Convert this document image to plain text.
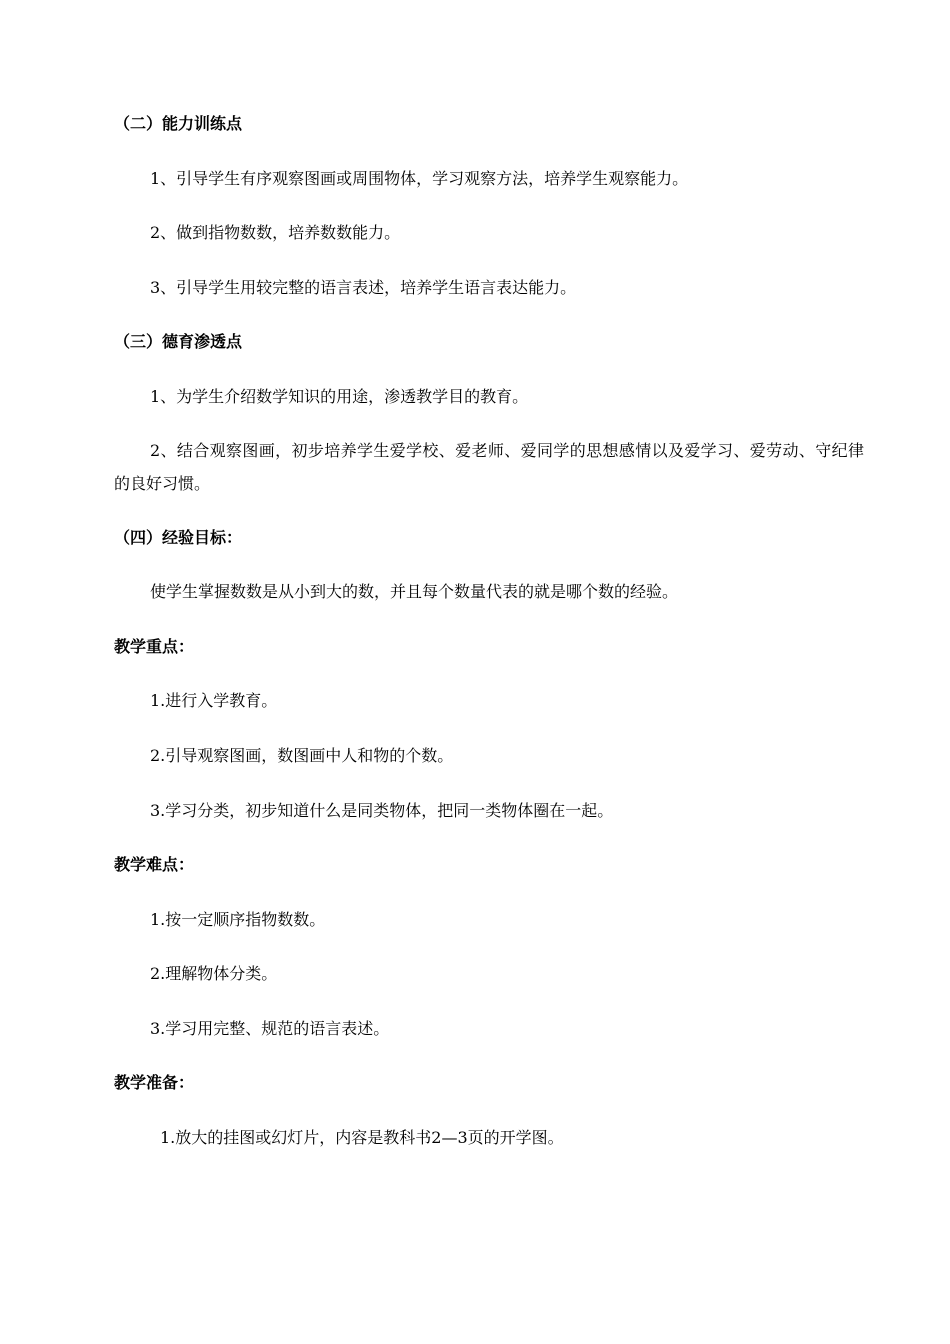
（二）能力训练点
1、引导学生有序观察图画或周围物体，学习观察方法，培养学生观察能力。
2、做到指物数数，培养数数能力。
3、引导学生用较完整的语言表述，培养学生语言表达能力。
（三）德育渗透点
1、为学生介绍数学知识的用途，渗透教学目的教育。
2、结合观察图画，初步培养学生爱学校、爱老师、爱同学的思想感情以及爱学习、爱劳动、守纪律的良好习惯。
（四）经验目标：
使学生掌握数数是从小到大的数，并且每个数量代表的就是哪个数的经验。
教学重点：
1.进行入学教育。
2.引导观察图画，数图画中人和物的个数。
3.学习分类，初步知道什么是同类物体，把同一类物体圈在一起。
教学难点：
1.按一定顺序指物数数。
2.理解物体分类。
3.学习用完整、规范的语言表述。
教学准备：
1.放大的挂图或幻灯片，内容是教科书2—3页的开学图。
